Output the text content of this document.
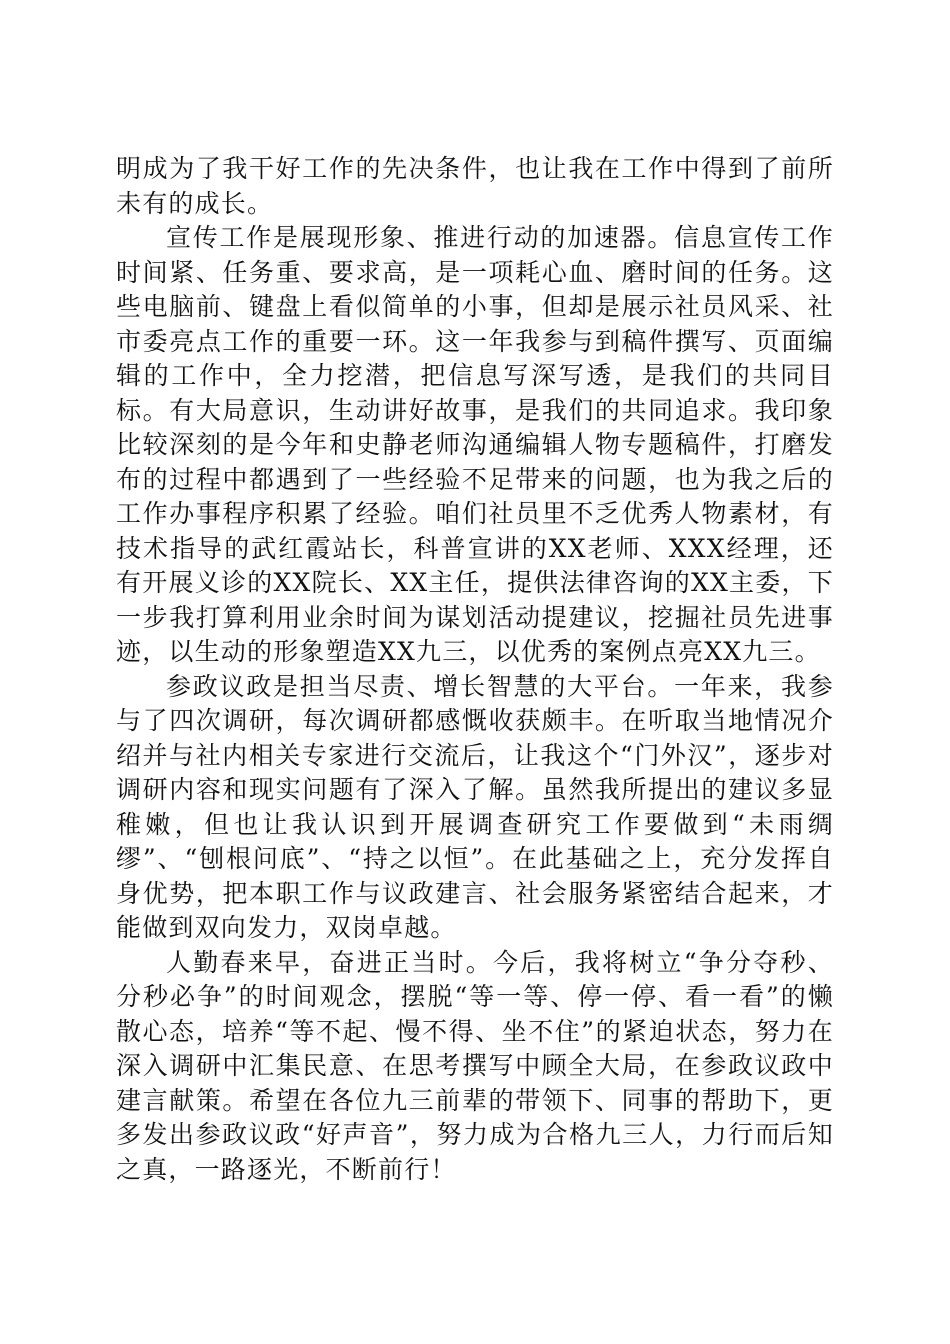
明成为了我干好工作的先决条件，也让我在工作中得到了前所未有的成长。

宣传工作是展现形象、推进行动的加速器。信息宣传工作时间紧、任务重、要求高，是一项耗心血、磨时间的任务。这些电脑前、键盘上看似简单的小事，但却是展示社员风采、社市委亮点工作的重要一环。这一年我参与到稿件撰写、页面编辑的工作中，全力挖潜，把信息写深写透，是我们的共同目标。有大局意识，生动讲好故事，是我们的共同追求。我印象比较深刻的是今年和史静老师沟通编辑人物专题稿件，打磨发布的过程中都遇到了一些经验不足带来的问题，也为我之后的工作办事程序积累了经验。咱们社员里不乏优秀人物素材，有技术指导的武红霞站长，科普宣讲的XX老师、XXX经理，还有开展义诊的XX院长、XX主任，提供法律咨询的XX主委，下一步我打算利用业余时间为谋划活动提建议，挖掘社员先进事迹，以生动的形象塑造XX九三，以优秀的案例点亮XX九三。

参政议政是担当尽责、增长智慧的大平台。一年来，我参与了四次调研，每次调研都感慨收获颇丰。在听取当地情况介绍并与社内相关专家进行交流后，让我这个“门外汉”，逐步对调研内容和现实问题有了深入了解。虽然我所提出的建议多显稚嫩，但也让我认识到开展调查研究工作要做到“未雨绸缪”、“刨根问底”、“持之以恒”。在此基础之上，充分发挥自身优势，把本职工作与议政建言、社会服务紧密结合起来，才能做到双向发力，双岗卓越。

人勤春来早，奋进正当时。今后，我将树立“争分夺秒、分秒必争”的时间观念，摆脱“等一等、停一停、看一看”的懒散心态，培养“等不起、慢不得、坐不住”的紧迫状态，努力在深入调研中汇集民意、在思考撰写中顾全大局，在参政议政中建言献策。希望在各位九三前辈的带领下、同事的帮助下，更多发出参政议政“好声音”，努力成为合格九三人，力行而后知之真，一路逐光，不断前行！
